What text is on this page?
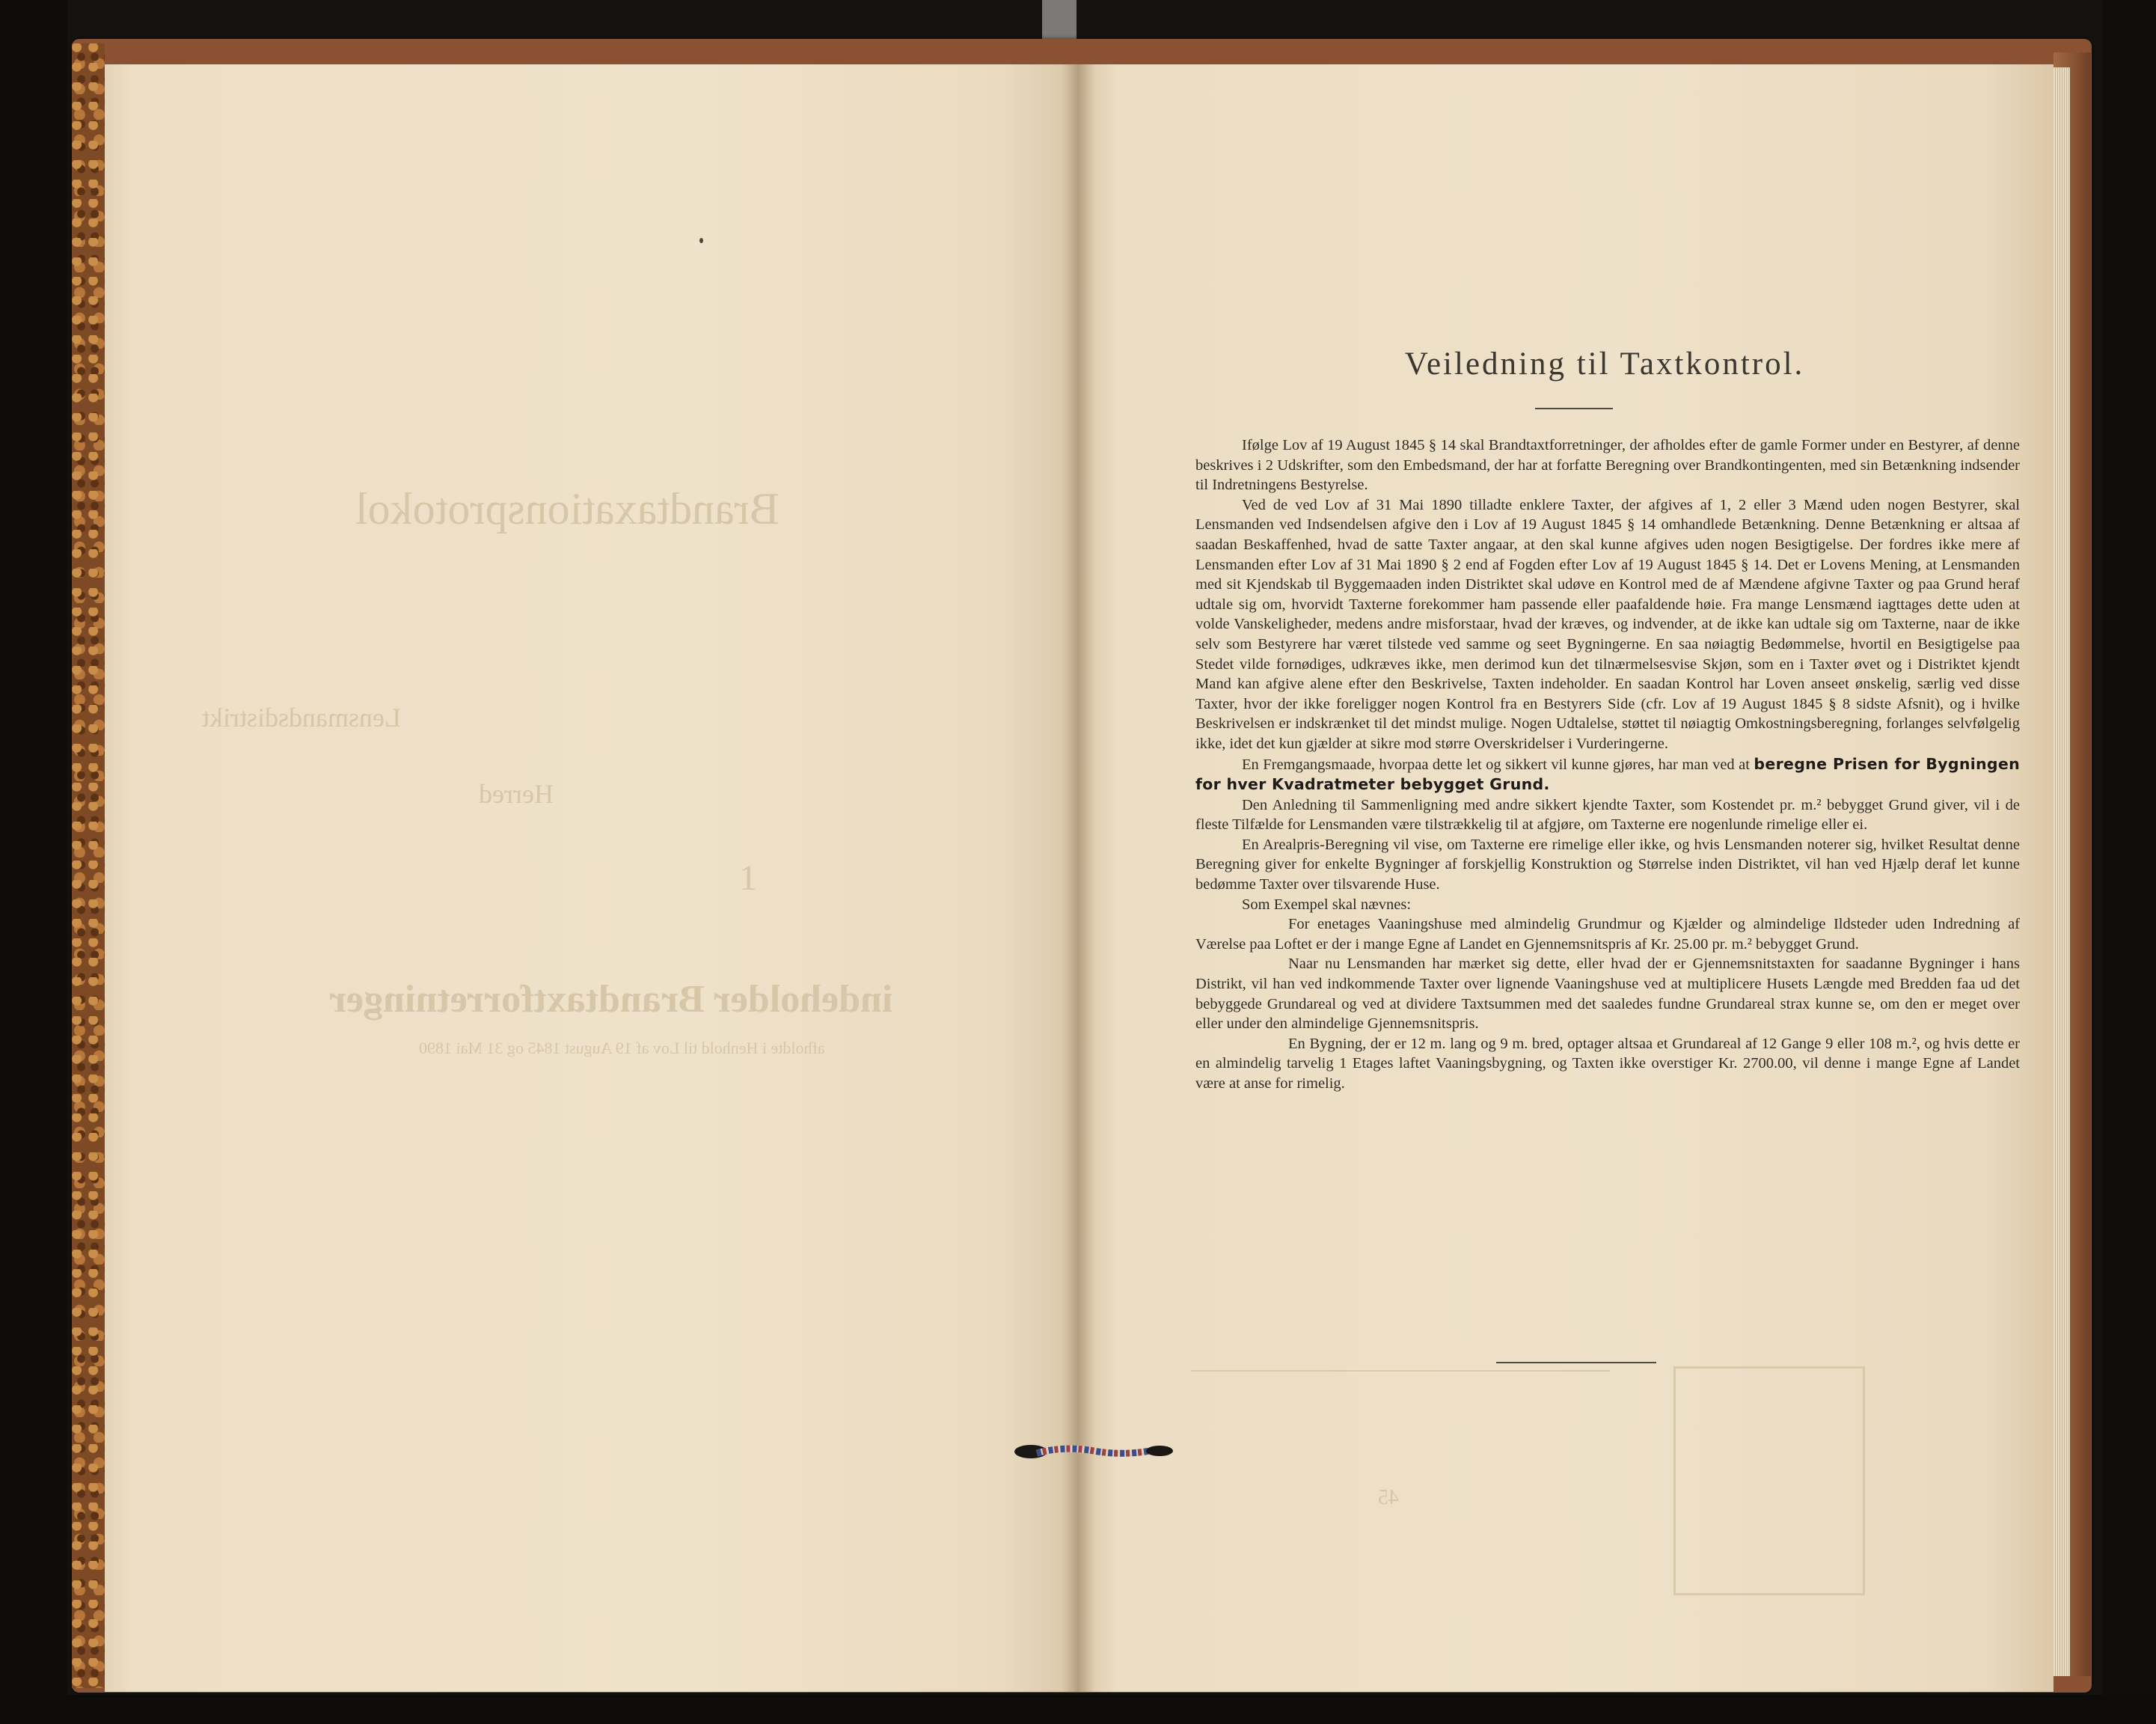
Brandtaxationsprotokol
Lensmandsdistrikt
Herred
1
indeholder Brandtaxtforretninger
afholdte i Henhold til Lov af 19 August 1845 og 31 Mai 1890
45
Veiledning til Taxtkontrol.

Ifølge Lov af 19 August 1845 § 14 skal Brandtaxtforretninger, der afholdes efter de gamle Former under en Bestyrer, af denne beskrives i 2 Udskrifter, som den Embedsmand, der har at forfatte Beregning over Brandkontingenten, med sin Betænkning indsender til Indretningens Bestyrelse.

Ved de ved Lov af 31 Mai 1890 tilladte enklere Taxter, der afgives af 1, 2 eller 3 Mænd uden nogen Bestyrer, skal Lensmanden ved Indsendelsen afgive den i Lov af 19 August 1845 § 14 omhandlede Betænkning. Denne Betænkning er altsaa af saadan Beskaffenhed, hvad de satte Taxter angaar, at den skal kunne afgives uden nogen Besigtigelse. Der fordres ikke mere af Lensmanden efter Lov af 31 Mai 1890 § 2 end af Fogden efter Lov af 19 August 1845 § 14. Det er Lovens Mening, at Lensmanden med sit Kjendskab til Byggemaaden inden Distriktet skal udøve en Kontrol med de af Mændene afgivne Taxter og paa Grund heraf udtale sig om, hvorvidt Taxterne forekommer ham passende eller paafaldende høie. Fra mange Lensmænd iagttages dette uden at volde Vanskeligheder, medens andre misforstaar, hvad der kræves, og indvender, at de ikke kan udtale sig om Taxterne, naar de ikke selv som Bestyrere har været tilstede ved samme og seet Bygningerne. En saa nøiagtig Bedømmelse, hvortil en Besigtigelse paa Stedet vilde fornødiges, udkræves ikke, men derimod kun det tilnærmelsesvise Skjøn, som en i Taxter øvet og i Distriktet kjendt Mand kan afgive alene efter den Beskrivelse, Taxten indeholder. En saadan Kontrol har Loven anseet ønskelig, særlig ved disse Taxter, hvor der ikke foreligger nogen Kontrol fra en Bestyrers Side (cfr. Lov af 19 August 1845 § 8 sidste Afsnit), og i hvilke Beskrivelsen er indskrænket til det mindst mulige. Nogen Udtalelse, støttet til nøiagtig Omkostningsberegning, forlanges selvfølgelig ikke, idet det kun gjælder at sikre mod større Overskridelser i Vurderingerne.

En Fremgangsmaade, hvorpaa dette let og sikkert vil kunne gjøres, har man ved at beregne Prisen for Bygningen for hver Kvadratmeter bebygget Grund.

Den Anledning til Sammenligning med andre sikkert kjendte Taxter, som Kostendet pr. m.² bebygget Grund giver, vil i de fleste Tilfælde for Lensmanden være tilstrækkelig til at afgjøre, om Taxterne ere nogenlunde rimelige eller ei.

En Arealpris-Beregning vil vise, om Taxterne ere rimelige eller ikke, og hvis Lensmanden noterer sig, hvilket Resultat denne Beregning giver for enkelte Bygninger af forskjellig Konstruktion og Størrelse inden Distriktet, vil han ved Hjælp deraf let kunne bedømme Taxter over tilsvarende Huse.

Som Exempel skal nævnes:

For enetages Vaaningshuse med almindelig Grundmur og Kjælder og almindelige Ildsteder uden Indredning af Værelse paa Loftet er der i mange Egne af Landet en Gjennemsnitspris af Kr. 25.00 pr. m.² bebygget Grund.

Naar nu Lensmanden har mærket sig dette, eller hvad der er Gjennemsnitstaxten for saadanne Bygninger i hans Distrikt, vil han ved indkommende Taxter over lignende Vaaningshuse ved at multiplicere Husets Længde med Bredden faa ud det bebyggede Grundareal og ved at dividere Taxtsummen med det saaledes fundne Grundareal strax kunne se, om den er meget over eller under den almindelige Gjennemsnitspris.

En Bygning, der er 12 m. lang og 9 m. bred, optager altsaa et Grundareal af 12 Gange 9 eller 108 m.², og hvis dette er en almindelig tarvelig 1 Etages laftet Vaaningsbygning, og Taxten ikke overstiger Kr. 2700.00, vil denne i mange Egne af Landet være at anse for rimelig.
